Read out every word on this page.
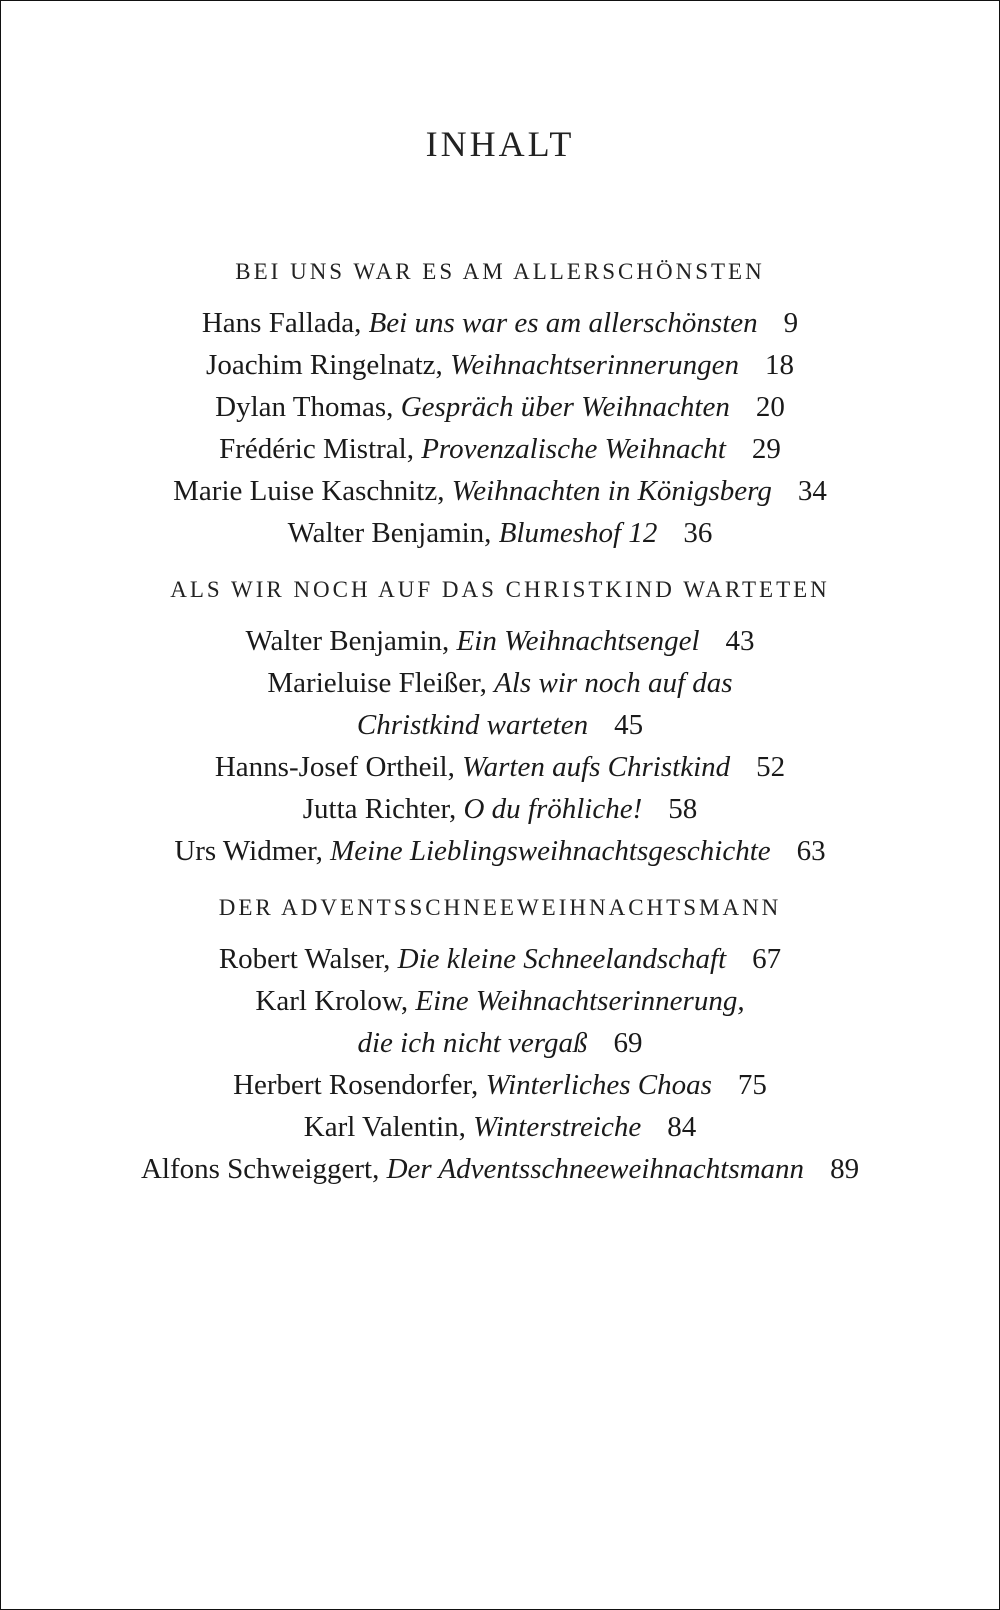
INHALT
BEI UNS WAR ES AM ALLERSCHÖNSTEN
Hans Fallada, Bei uns war es am allerschönsten 9
Joachim Ringelnatz, Weihnachtserinnerungen 18
Dylan Thomas, Gespräch über Weihnachten 20
Frédéric Mistral, Provenzalische Weihnacht 29
Marie Luise Kaschnitz, Weihnachten in Königsberg 34
Walter Benjamin, Blumeshof 12 36
ALS WIR NOCH AUF DAS CHRISTKIND WARTETEN
Walter Benjamin, Ein Weihnachtsengel 43
Marieluise Fleißer, Als wir noch auf das
Christkind warteten 45
Hanns-Josef Ortheil, Warten aufs Christkind 52
Jutta Richter, O du fröhliche! 58
Urs Widmer, Meine Lieblingsweihnachtsgeschichte 63
DER ADVENTSSCHNEEWEIHNACHTSMANN
Robert Walser, Die kleine Schneelandschaft 67
Karl Krolow, Eine Weihnachtserinnerung,
die ich nicht vergaß 69
Herbert Rosendorfer, Winterliches Choas 75
Karl Valentin, Winterstreiche 84
Alfons Schweiggert, Der Adventsschneeweihnachtsmann 89
